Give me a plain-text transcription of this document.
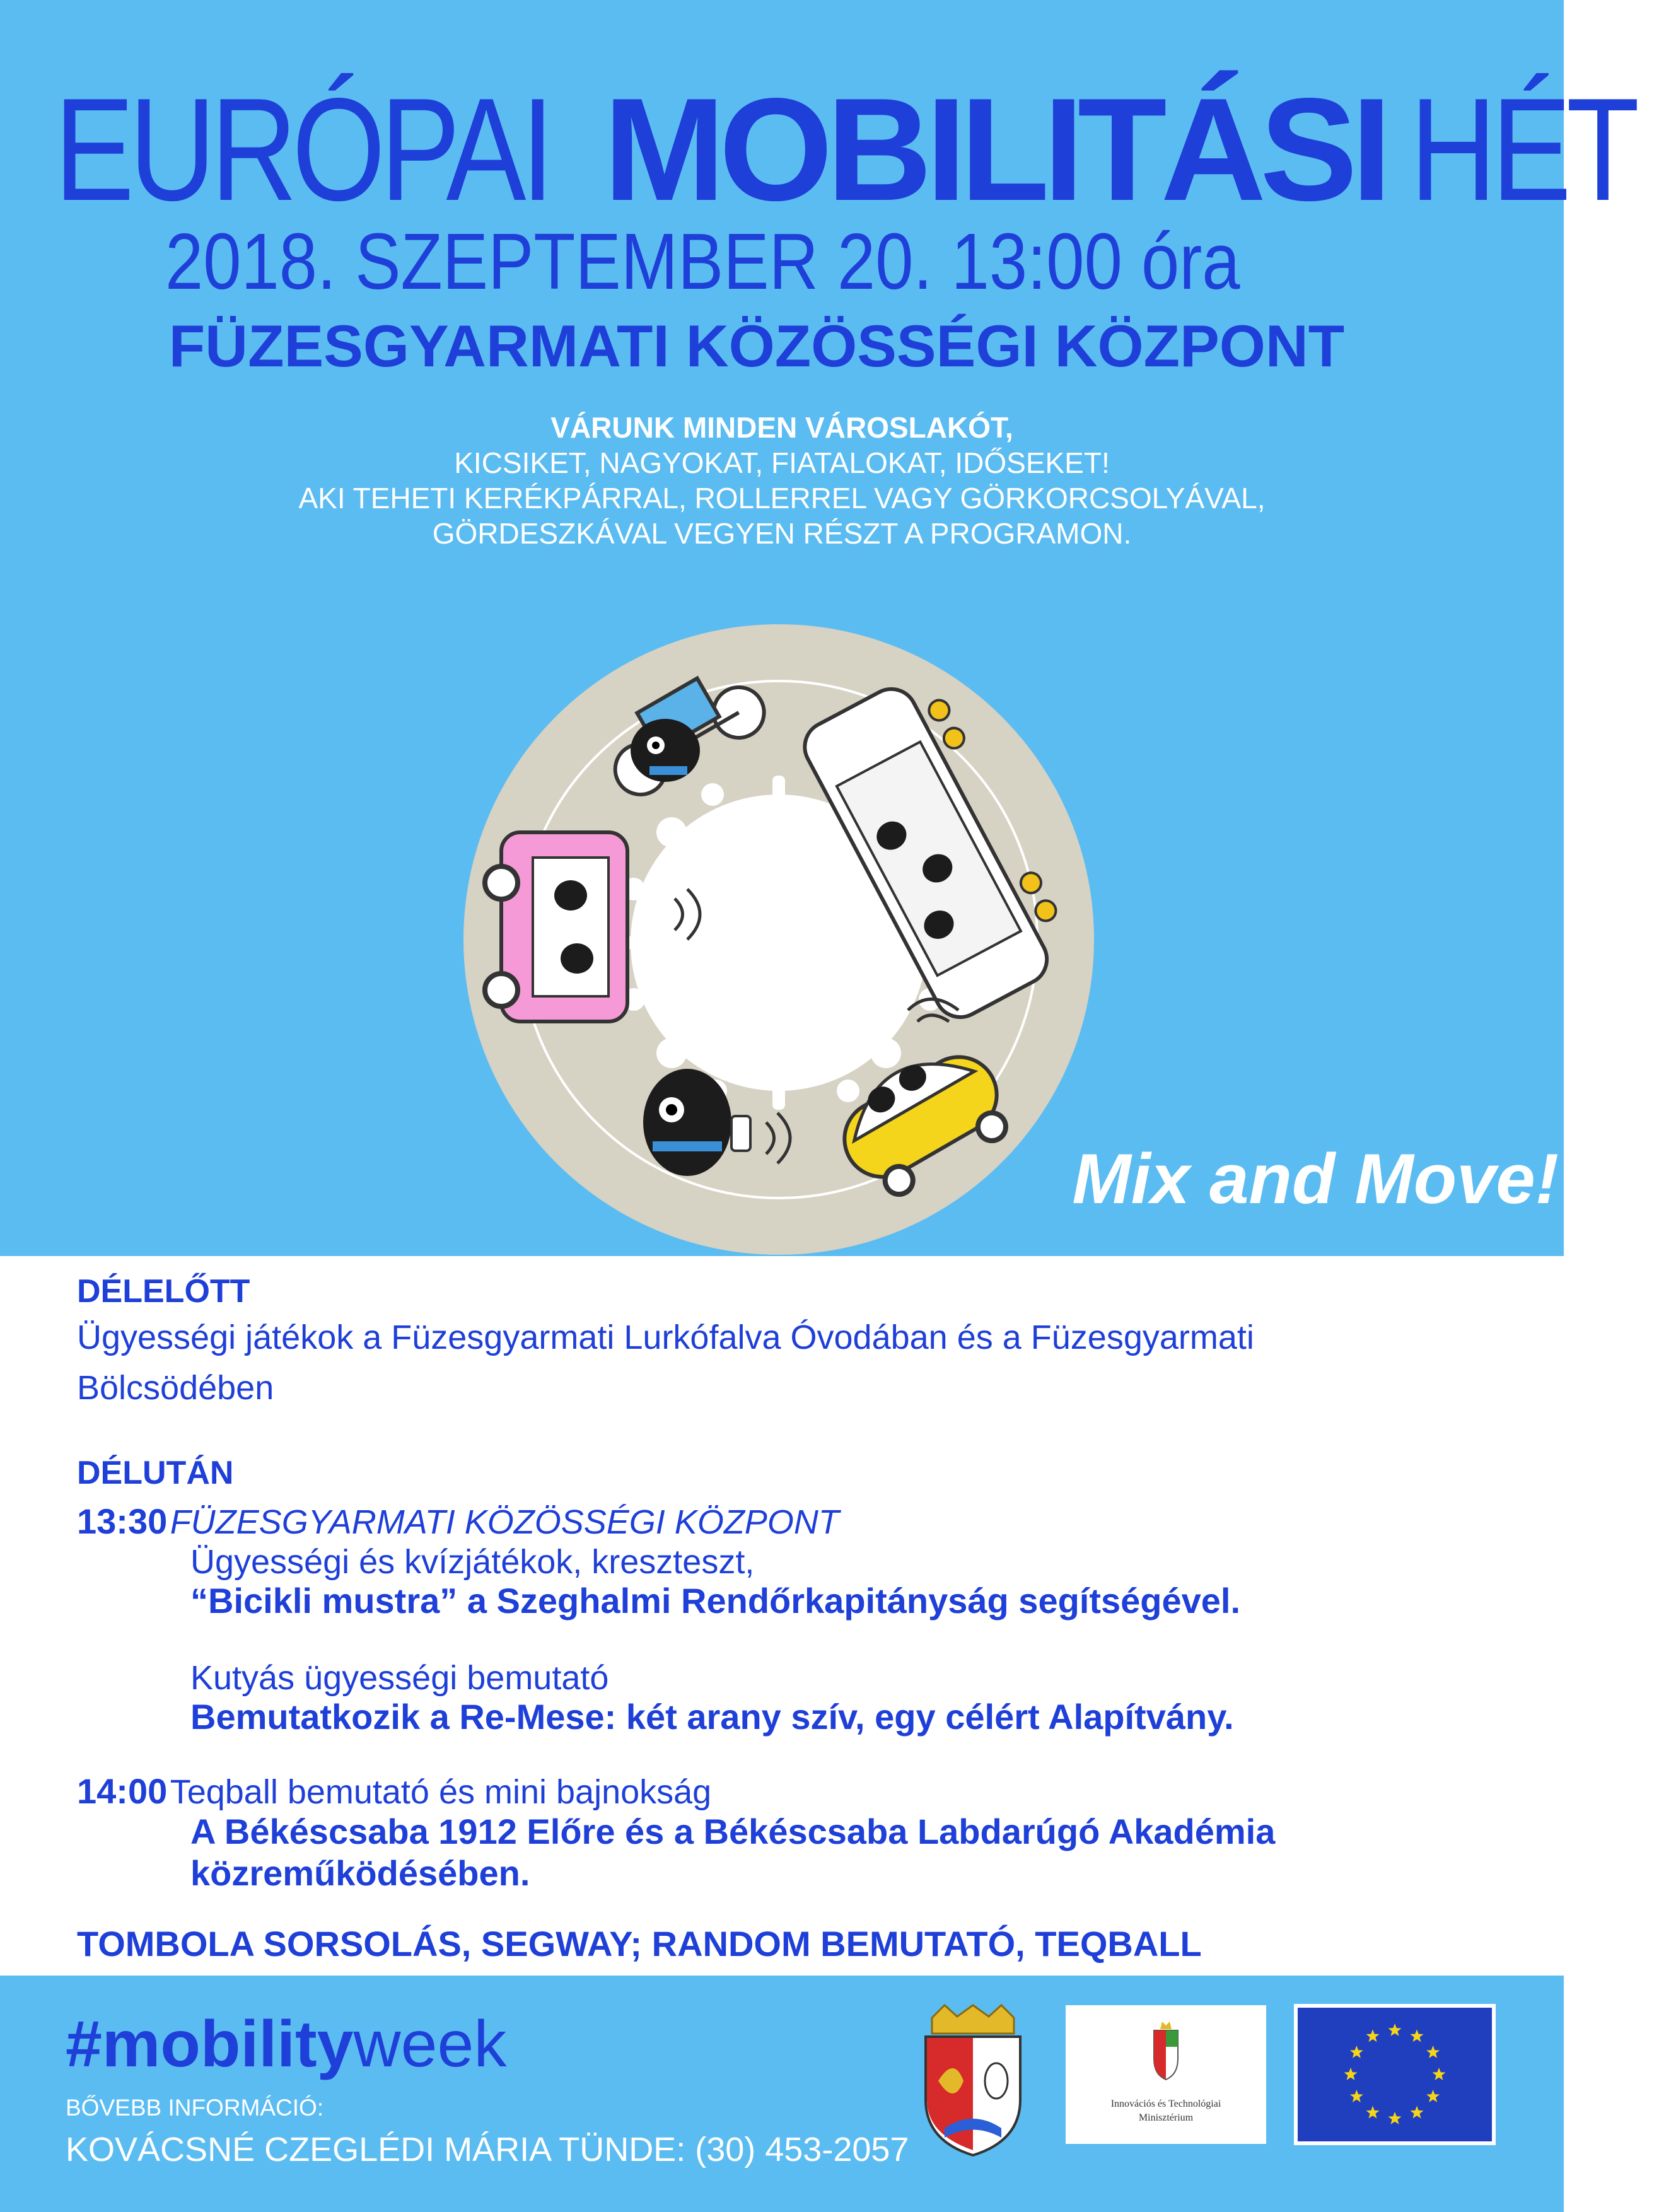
EURÓPAI MOBILITÁSI HÉT
2018. SZEPTEMBER 20. 13:00 óra
FÜZESGYARMATI KÖZÖSSÉGI KÖZPONT
VÁRUNK MINDEN VÁROSLAKÓT,
KICSIKET, NAGYOKAT, FIATALOKAT, IDŐSEKET!
AKI TEHETI KERÉKPÁRRAL, ROLLERREL VAGY GÖRKORCSOLYÁVAL,
GÖRDESZKÁVAL VEGYEN RÉSZT A PROGRAMON.
Mix and Move!
DÉLELŐTT
Ügyességi játékok a Füzesgyarmati Lurkófalva Óvodában és a Füzesgyarmati
Bölcsödében
DÉLUTÁN
13:30 FÜZESGYARMATI KÖZÖSSÉGI KÖZPONT
Ügyességi és kvízjátékok, kreszteszt,
“Bicikli mustra” a Szeghalmi Rendőrkapitányság segítségével.
Kutyás ügyességi bemutató
Bemutatkozik a Re-Mese: két arany szív, egy célért Alapítvány.
14:00 Teqball bemutató és mini bajnokság
A Békéscsaba 1912 Előre és a Békéscsaba Labdarúgó Akadémia
közreműködésében.
TOMBOLA SORSOLÁS, SEGWAY; RANDOM BEMUTATÓ, TEQBALL
#mobilityweek
BŐVEBB INFORMÁCIÓ:
KOVÁCSNÉ CZEGLÉDI MÁRIA TÜNDE: (30) 453-2057
Innovációs és Technológiai
Minisztérium
